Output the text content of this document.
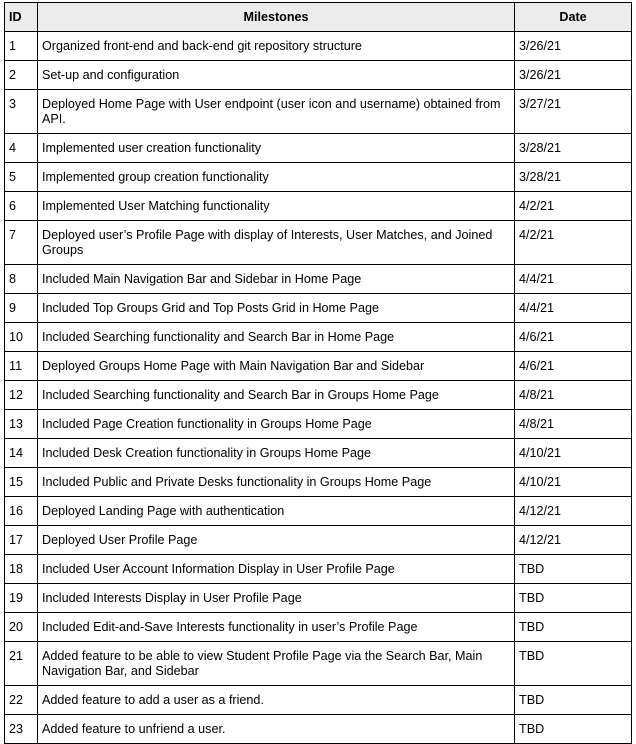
ID	Milestones	Date
1	Organized front-end and back-end git repository structure	3/26/21
2	Set-up and configuration	3/26/21
3	Deployed Home Page with User endpoint (user icon and username) obtained from API.	3/27/21
4	Implemented user creation functionality	3/28/21
5	Implemented group creation functionality	3/28/21
6	Implemented User Matching functionality	4/2/21
7	Deployed user’s Profile Page with display of Interests, User Matches, and Joined Groups	4/2/21
8	Included Main Navigation Bar and Sidebar in Home Page	4/4/21
9	Included Top Groups Grid and Top Posts Grid in Home Page	4/4/21
10	Included Searching functionality and Search Bar in Home Page	4/6/21
11	Deployed Groups Home Page with Main Navigation Bar and Sidebar	4/6/21
12	Included Searching functionality and Search Bar in Groups Home Page	4/8/21
13	Included Page Creation functionality in Groups Home Page	4/8/21
14	Included Desk Creation functionality in Groups Home Page	4/10/21
15	Included Public and Private Desks functionality in Groups Home Page	4/10/21
16	Deployed Landing Page with authentication	4/12/21
17	Deployed User Profile Page	4/12/21
18	Included User Account Information Display in User Profile Page	TBD
19	Included Interests Display in User Profile Page	TBD
20	Included Edit-and-Save Interests functionality in user’s Profile Page	TBD
21	Added feature to be able to view Student Profile Page via the Search Bar, Main Navigation Bar, and Sidebar	TBD
22	Added feature to add a user as a friend.	TBD
23	Added feature to unfriend a user.	TBD
